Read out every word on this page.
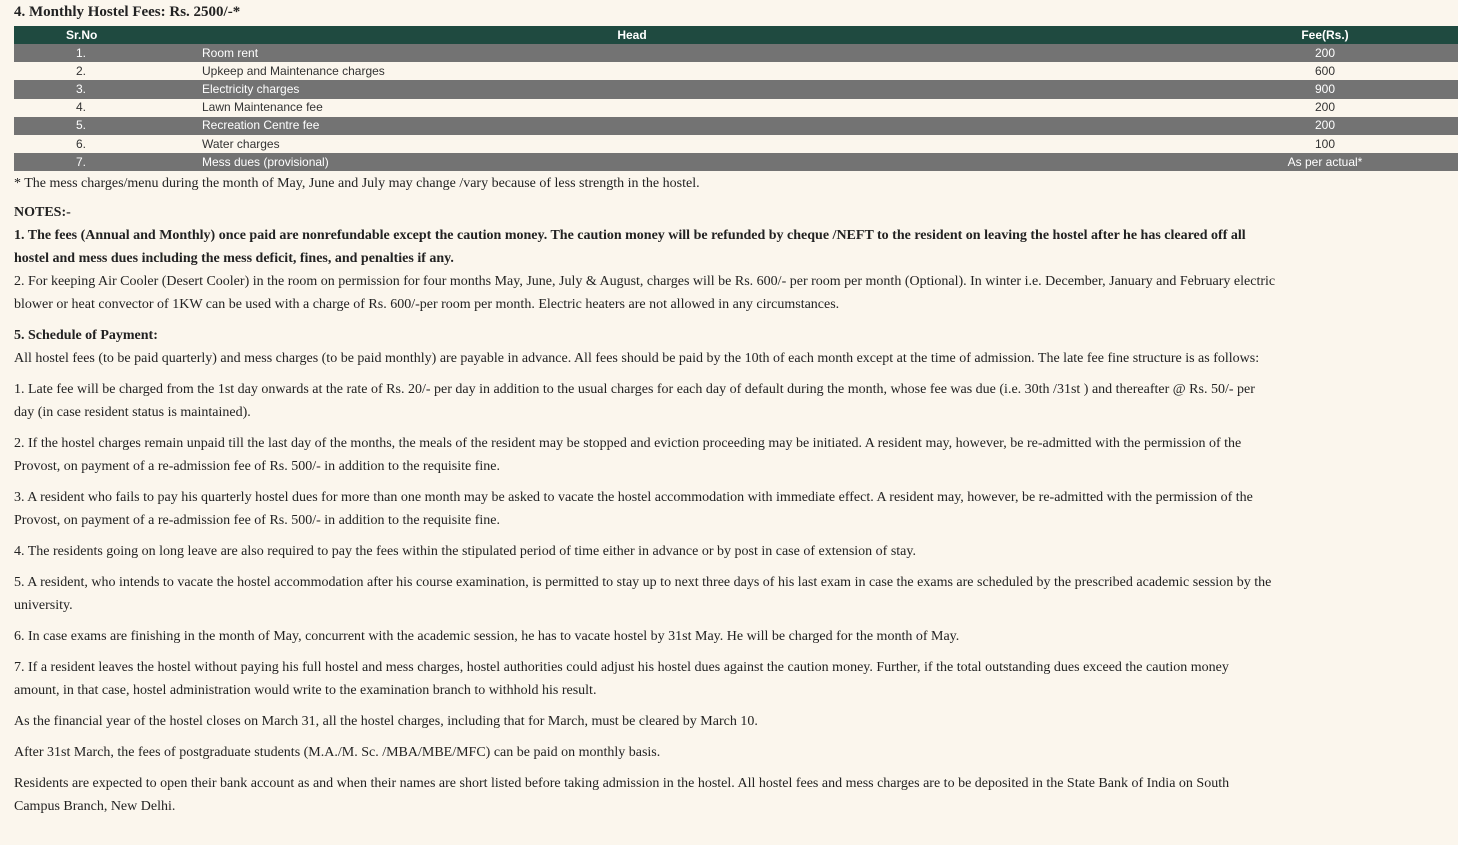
4. Monthly Hostel Fees: Rs. 2500/-*
Sr.No	Head	Fee(Rs.)
1.	Room rent	200
2.	Upkeep and Maintenance charges	600
3.	Electricity charges	900
4.	Lawn Maintenance fee	200
5.	Recreation Centre fee	200
6.	Water charges	100
7.	Mess dues (provisional)	As per actual*

* The mess charges/menu during the month of May, June and July may change /vary because of less strength in the hostel.

NOTES:-

1. The fees (Annual and Monthly) once paid are nonrefundable except the caution money. The caution money will be refunded by cheque /NEFT to the resident on leaving the hostel after he has cleared off all hostel and mess dues including the mess deficit, fines, and penalties if any.

2. For keeping Air Cooler (Desert Cooler) in the room on permission for four months May, June, July & August, charges will be Rs. 600/- per room per month (Optional). In winter i.e. December, January and February electric blower or heat convector of 1KW can be used with a charge of Rs. 600/-per room per month. Electric heaters are not allowed in any circumstances.

5. Schedule of Payment:

All hostel fees (to be paid quarterly) and mess charges (to be paid monthly) are payable in advance. All fees should be paid by the 10th of each month except at the time of admission. The late fee fine structure is as follows:

1. Late fee will be charged from the 1st day onwards at the rate of Rs. 20/- per day in addition to the usual charges for each day of default during the month, whose fee was due (i.e. 30th /31st ) and thereafter @ Rs. 50/- per day (in case resident status is maintained).

2. If the hostel charges remain unpaid till the last day of the months, the meals of the resident may be stopped and eviction proceeding may be initiated. A resident may, however, be re-admitted with the permission of the Provost, on payment of a re-admission fee of Rs. 500/- in addition to the requisite fine.

3. A resident who fails to pay his quarterly hostel dues for more than one month may be asked to vacate the hostel accommodation with immediate effect. A resident may, however, be re-admitted with the permission of the Provost, on payment of a re-admission fee of Rs. 500/- in addition to the requisite fine.

4. The residents going on long leave are also required to pay the fees within the stipulated period of time either in advance or by post in case of extension of stay.

5. A resident, who intends to vacate the hostel accommodation after his course examination, is permitted to stay up to next three days of his last exam in case the exams are scheduled by the prescribed academic session by the university.

6. In case exams are finishing in the month of May, concurrent with the academic session, he has to vacate hostel by 31st May. He will be charged for the month of May.

7. If a resident leaves the hostel without paying his full hostel and mess charges, hostel authorities could adjust his hostel dues against the caution money. Further, if the total outstanding dues exceed the caution money amount, in that case, hostel administration would write to the examination branch to withhold his result.

As the financial year of the hostel closes on March 31, all the hostel charges, including that for March, must be cleared by March 10.

After 31st March, the fees of postgraduate students (M.A./M. Sc. /MBA/MBE/MFC) can be paid on monthly basis.

Residents are expected to open their bank account as and when their names are short listed before taking admission in the hostel. All hostel fees and mess charges are to be deposited in the State Bank of India on South Campus Branch, New Delhi.
